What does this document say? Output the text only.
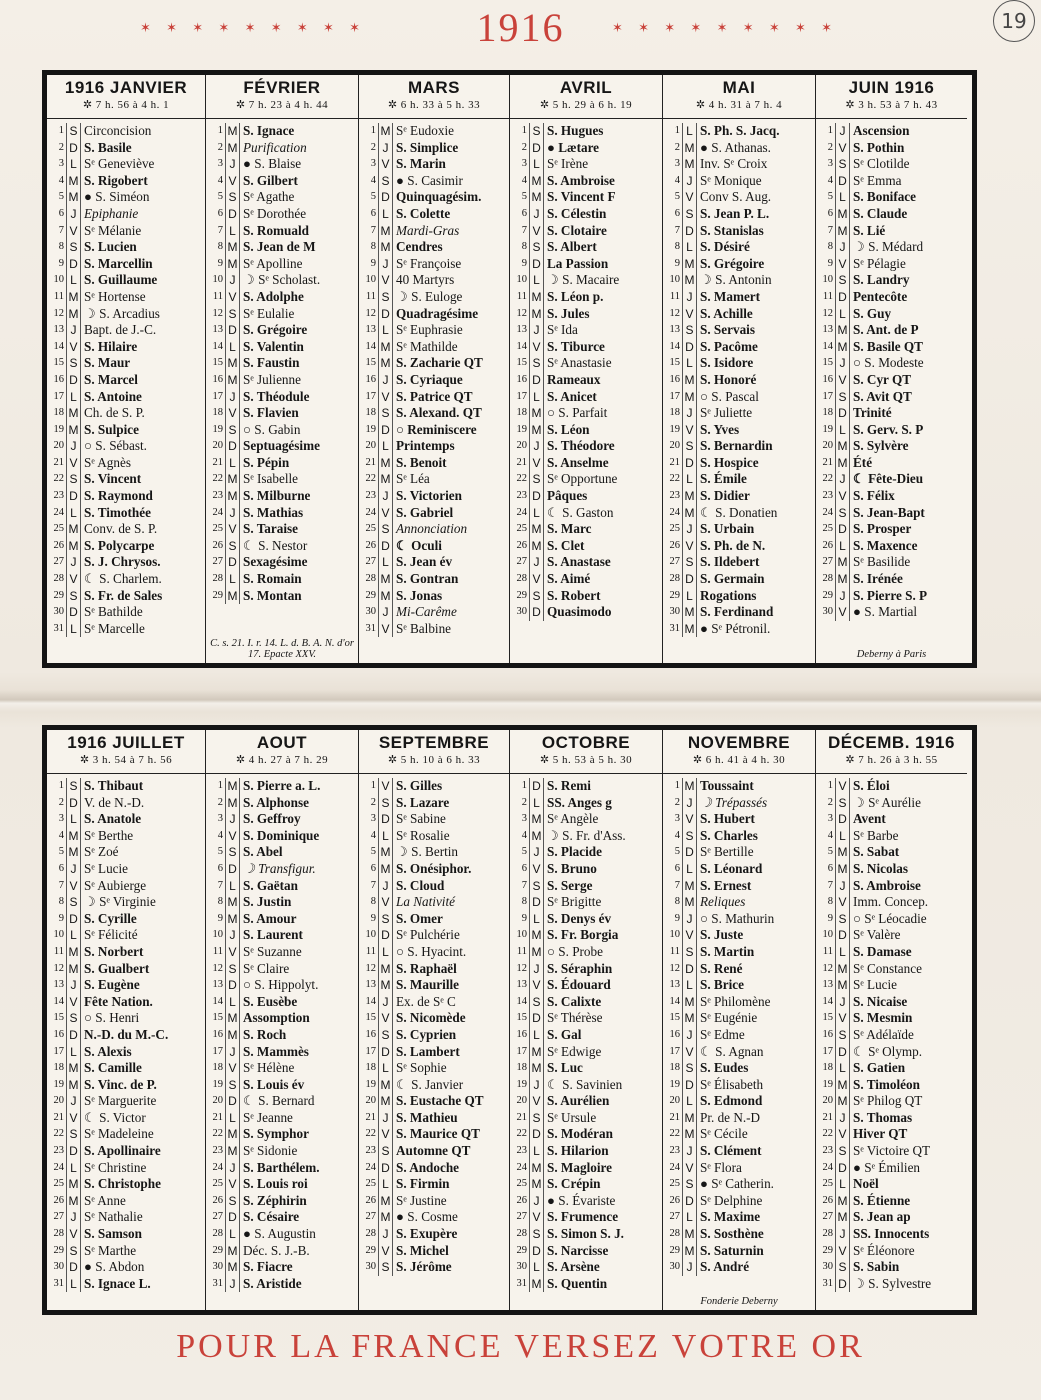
✶ ✶ ✶ ✶ ✶ ✶ ✶ ✶ ✶	1916	✶ ✶ ✶ ✶ ✶ ✶ ✶ ✶ ✶	19
1916 JANVIER
✲ 7 h. 56 à 4 h. 1
1 S Circoncision
2 D S. Basile
3 L Sᵉ Geneviève
4 M S. Rigobert
5 M ● S. Siméon
6 J Epiphanie
7 V Sᵉ Mélanie
8 S S. Lucien
9 D S. Marcellin
10 L S. Guillaume
11 M Sᵉ Hortense
12 M ☽ S. Arcadius
13 J Bapt. de J.-C.
14 V S. Hilaire
15 S S. Maur
16 D S. Marcel
17 L S. Antoine
18 M Ch. de S. P.
19 M S. Sulpice
20 J ○ S. Sébast.
21 V Sᵉ Agnès
22 S S. Vincent
23 D S. Raymond
24 L S. Timothée
25 M Conv. de S. P.
26 M S. Polycarpe
27 J S. J. Chrysos.
28 V ☾ S. Charlem.
29 S S. Fr. de Sales
30 D Sᵉ Bathilde
31 L Sᵉ Marcelle
FÉVRIER
✲ 7 h. 23 à 4 h. 44
1 M S. Ignace
2 M Purification
3 J ● S. Blaise
4 V S. Gilbert
5 S Sᵉ Agathe
6 D Sᵉ Dorothée
7 L S. Romuald
8 M S. Jean de M
9 M Sᵉ Apolline
10 J ☽ Sᵉ Scholast.
11 V S. Adolphe
12 S Sᵉ Eulalie
13 D S. Grégoire
14 L S. Valentin
15 M S. Faustin
16 M Sᵉ Julienne
17 J S. Théodule
18 V S. Flavien
19 S ○ S. Gabin
20 D Septuagésime
21 L S. Pépin
22 M Sᵉ Isabelle
23 M S. Milburne
24 J S. Mathias
25 V S. Taraise
26 S ☾ S. Nestor
27 D Sexagésime
28 L S. Romain
29 M S. Montan
C. s. 21. I. r. 14. L. d. B. A. N. d'or 17. Epacte XXV.
MARS
✲ 6 h. 33 à 5 h. 33
1 M Sᵉ Eudoxie
2 J S. Simplice
3 V S. Marin
4 S ● S. Casimir
5 D Quinquagésim.
6 L S. Colette
7 M Mardi-Gras
8 M Cendres
9 J Sᵉ Françoise
10 V 40 Martyrs
11 S ☽ S. Euloge
12 D Quadragésime
13 L Sᵉ Euphrasie
14 M Sᵉ Mathilde
15 M S. Zacharie QT
16 J S. Cyriaque
17 V S. Patrice QT
18 S S. Alexand. QT
19 D ○ Reminiscere
20 L Printemps
21 M S. Benoit
22 M Sᵉ Léa
23 J S. Victorien
24 V S. Gabriel
25 S Annonciation
26 D ☾ Oculi
27 L S. Jean év
28 M S. Gontran
29 M S. Jonas
30 J Mi-Carême
31 V Sᵉ Balbine
AVRIL
✲ 5 h. 29 à 6 h. 19
1 S S. Hugues
2 D ● Lætare
3 L Sᵉ Irène
4 M S. Ambroise
5 M S. Vincent F
6 J S. Célestin
7 V S. Clotaire
8 S S. Albert
9 D La Passion
10 L ☽ S. Macaire
11 M S. Léon p.
12 M S. Jules
13 J Sᵉ Ida
14 V S. Tiburce
15 S Sᵉ Anastasie
16 D Rameaux
17 L S. Anicet
18 M ○ S. Parfait
19 M S. Léon
20 J S. Théodore
21 V S. Anselme
22 S Sᵉ Opportune
23 D Pâques
24 L ☾ S. Gaston
25 M S. Marc
26 M S. Clet
27 J S. Anastase
28 V S. Aimé
29 S S. Robert
30 D Quasimodo
MAI
✲ 4 h. 31 à 7 h. 4
1 L S. Ph. S. Jacq.
2 M ● S. Athanas.
3 M Inv. Sᵉ Croix
4 J Sᵉ Monique
5 V Conv S. Aug.
6 S S. Jean P. L.
7 D S. Stanislas
8 L S. Désiré
9 M S. Grégoire
10 M ☽ S. Antonin
11 J S. Mamert
12 V S. Achille
13 S S. Servais
14 D S. Pacôme
15 L S. Isidore
16 M S. Honoré
17 M ○ S. Pascal
18 J Sᵉ Juliette
19 V S. Yves
20 S S. Bernardin
21 D S. Hospice
22 L S. Émile
23 M S. Didier
24 M ☾ S. Donatien
25 J S. Urbain
26 V S. Ph. de N.
27 S S. Ildebert
28 D S. Germain
29 L Rogations
30 M S. Ferdinand
31 M ● Sᵉ Pétronil.
JUIN 1916
✲ 3 h. 53 à 7 h. 43
1 J Ascension
2 V S. Pothin
3 S Sᵉ Clotilde
4 D Sᵉ Emma
5 L S. Boniface
6 M S. Claude
7 M S. Lié
8 J ☽ S. Médard
9 V Sᵉ Pélagie
10 S S. Landry
11 D Pentecôte
12 L S. Guy
13 M S. Ant. de P
14 M S. Basile QT
15 J ○ S. Modeste
16 V S. Cyr QT
17 S S. Avit QT
18 D Trinité
19 L S. Gerv. S. P
20 M S. Sylvère
21 M Été
22 J ☾ Fête-Dieu
23 V S. Félix
24 S S. Jean-Bapt
25 D S. Prosper
26 L S. Maxence
27 M Sᵉ Basilide
28 M S. Irénée
29 J S. Pierre S. P
30 V ● S. Martial
Deberny à Paris
1916 JUILLET
✲ 3 h. 54 à 7 h. 56
1 S S. Thibaut
2 D V. de N.-D.
3 L S. Anatole
4 M Sᵉ Berthe
5 M Sᵉ Zoé
6 J Sᵉ Lucie
7 V Sᵉ Aubierge
8 S ☽ Sᵉ Virginie
9 D S. Cyrille
10 L Sᵉ Félicité
11 M S. Norbert
12 M S. Gualbert
13 J S. Eugène
14 V Fête Nation.
15 S ○ S. Henri
16 D N.-D. du M.-C.
17 L S. Alexis
18 M S. Camille
19 M S. Vinc. de P.
20 J Sᵉ Marguerite
21 V ☾ S. Victor
22 S Sᵉ Madeleine
23 D S. Apollinaire
24 L Sᵉ Christine
25 M S. Christophe
26 M Sᵉ Anne
27 J Sᵉ Nathalie
28 V S. Samson
29 S Sᵉ Marthe
30 D ● S. Abdon
31 L S. Ignace L.
AOUT
✲ 4 h. 27 à 7 h. 29
1 M S. Pierre a. L.
2 M S. Alphonse
3 J S. Geffroy
4 V S. Dominique
5 S S. Abel
6 D ☽ Transfigur.
7 L S. Gaëtan
8 M S. Justin
9 M S. Amour
10 J S. Laurent
11 V Sᵉ Suzanne
12 S Sᵉ Claire
13 D ○ S. Hippolyt.
14 L S. Eusèbe
15 M Assomption
16 M S. Roch
17 J S. Mammès
18 V Sᵉ Hélène
19 S S. Louis év
20 D ☾ S. Bernard
21 L Sᵉ Jeanne
22 M S. Symphor
23 M Sᵉ Sidonie
24 J S. Barthélem.
25 V S. Louis roi
26 S S. Zéphirin
27 D S. Césaire
28 L ● S. Augustin
29 M Déc. S. J.-B.
30 M S. Fiacre
31 J S. Aristide
SEPTEMBRE
✲ 5 h. 10 à 6 h. 33
1 V S. Gilles
2 S S. Lazare
3 D Sᵉ Sabine
4 L Sᵉ Rosalie
5 M ☽ S. Bertin
6 M S. Onésiphor.
7 J S. Cloud
8 V La Nativité
9 S S. Omer
10 D Sᵉ Pulchérie
11 L ○ S. Hyacint.
12 M S. Raphaël
13 M S. Maurille
14 J Ex. de Sᵉ C
15 V S. Nicomède
16 S S. Cyprien
17 D S. Lambert
18 L Sᵉ Sophie
19 M ☾ S. Janvier
20 M S. Eustache QT
21 J S. Mathieu
22 V S. Maurice QT
23 S Automne QT
24 D S. Andoche
25 L S. Firmin
26 M Sᵉ Justine
27 M ● S. Cosme
28 J S. Exupère
29 V S. Michel
30 S S. Jérôme
OCTOBRE
✲ 5 h. 53 à 5 h. 30
1 D S. Remi
2 L SS. Anges g
3 M Sᵉ Angèle
4 M ☽ S. Fr. d'Ass.
5 J S. Placide
6 V S. Bruno
7 S S. Serge
8 D Sᵉ Brigitte
9 L S. Denys év
10 M S. Fr. Borgia
11 M ○ S. Probe
12 J S. Séraphin
13 V S. Édouard
14 S S. Calixte
15 D Sᵉ Thérèse
16 L S. Gal
17 M Sᵉ Edwige
18 M S. Luc
19 J ☾ S. Savinien
20 V S. Aurélien
21 S Sᵉ Ursule
22 D S. Modéran
23 L S. Hilarion
24 M S. Magloire
25 M S. Crépin
26 J ● S. Évariste
27 V S. Frumence
28 S S. Simon S. J.
29 D S. Narcisse
30 L S. Arsène
31 M S. Quentin
NOVEMBRE
✲ 6 h. 41 à 4 h. 30
1 M Toussaint
2 J ☽ Trépassés
3 V S. Hubert
4 S S. Charles
5 D Sᵉ Bertille
6 L S. Léonard
7 M S. Ernest
8 M Reliques
9 J ○ S. Mathurin
10 V S. Juste
11 S S. Martin
12 D S. René
13 L S. Brice
14 M Sᵉ Philomène
15 M Sᵉ Eugénie
16 J Sᵉ Edme
17 V ☾ S. Agnan
18 S S. Eudes
19 D Sᵉ Élisabeth
20 L S. Edmond
21 M Pr. de N.-D
22 M Sᵉ Cécile
23 J S. Clément
24 V Sᵉ Flora
25 S ● Sᵉ Catherin.
26 D Sᵉ Delphine
27 L S. Maxime
28 M S. Sosthène
29 M S. Saturnin
30 J S. André
Fonderie Deberny
DÉCEMB. 1916
✲ 7 h. 26 à 3 h. 55
1 V S. Éloi
2 S ☽ Sᵉ Aurélie
3 D Avent
4 L Sᵉ Barbe
5 M S. Sabat
6 M S. Nicolas
7 J S. Ambroise
8 V Imm. Concep.
9 S ○ Sᵉ Léocadie
10 D Sᵉ Valère
11 L S. Damase
12 M Sᵉ Constance
13 M Sᵉ Lucie
14 J S. Nicaise
15 V S. Mesmin
16 S Sᵉ Adélaïde
17 D ☾ Sᵉ Olymp.
18 L S. Gatien
19 M S. Timoléon
20 M Sᵉ Philog QT
21 J S. Thomas
22 V Hiver QT
23 S Sᵉ Victoire QT
24 D ● Sᵉ Émilien
25 L Noël
26 M S. Étienne
27 M S. Jean ap
28 J SS. Innocents
29 V Sᵉ Éléonore
30 S S. Sabin
31 D ☽ S. Sylvestre
POUR LA FRANCE VERSEZ VOTRE OR
